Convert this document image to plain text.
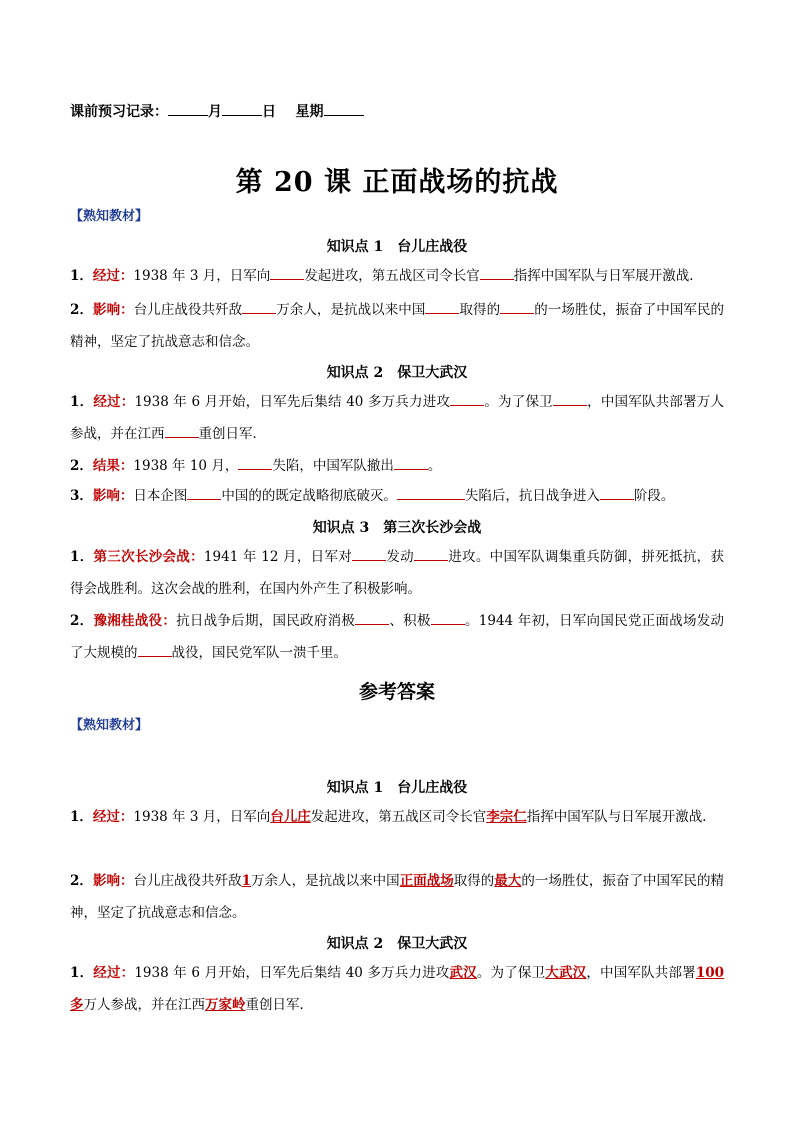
课前预习记录：	月	日 星期
第 20 课 正面战场的抗战
【熟知教材】
知识点 1　台儿庄战役
1．经过：1938 年 3 月，日军向	发起进攻，第五战区司令长官	指挥中国军队与日军展开激战．
2．影响：台儿庄战役共歼敌	万余人，是抗战以来中国	取得的	的一场胜仗，振奋了中国军民的精神，坚定了抗战意志和信念。
知识点 2　保卫大武汉
1．经过：1938 年 6 月开始，日军先后集结 40 多万兵力进攻	。为了保卫	，中国军队共部署万人参战，并在江西	重创日军．
2．结果：1938 年 10 月，	失陷，中国军队撤出	。
3．影响：日本企图	中国的的既定战略彻底破灭。	失陷后，抗日战争进入	阶段。
知识点 3　第三次长沙会战
1．第三次长沙会战：1941 年 12 月，日军对	发动	进攻。中国军队调集重兵防御，拼死抵抗，获得会战胜利。这次会战的胜利，在国内外产生了积极影响。
2．豫湘桂战役：抗日战争后期，国民政府消极	、积极	。1944 年初，日军向国民党正面战场发动了大规模的	战役，国民党军队一溃千里。
参考答案
【熟知教材】
知识点 1　台儿庄战役
1．经过：1938 年 3 月，日军向台儿庄发起进攻，第五战区司令长官李宗仁指挥中国军队与日军展开激战．
2．影响：台儿庄战役共歼敌1万余人，是抗战以来中国正面战场取得的最大的一场胜仗，振奋了中国军民的精神，坚定了抗战意志和信念。
知识点 2　保卫大武汉
1．经过：1938 年 6 月开始，日军先后集结 40 多万兵力进攻武汉。为了保卫大武汉，中国军队共部署100 多万人参战，并在江西万家岭重创日军．
